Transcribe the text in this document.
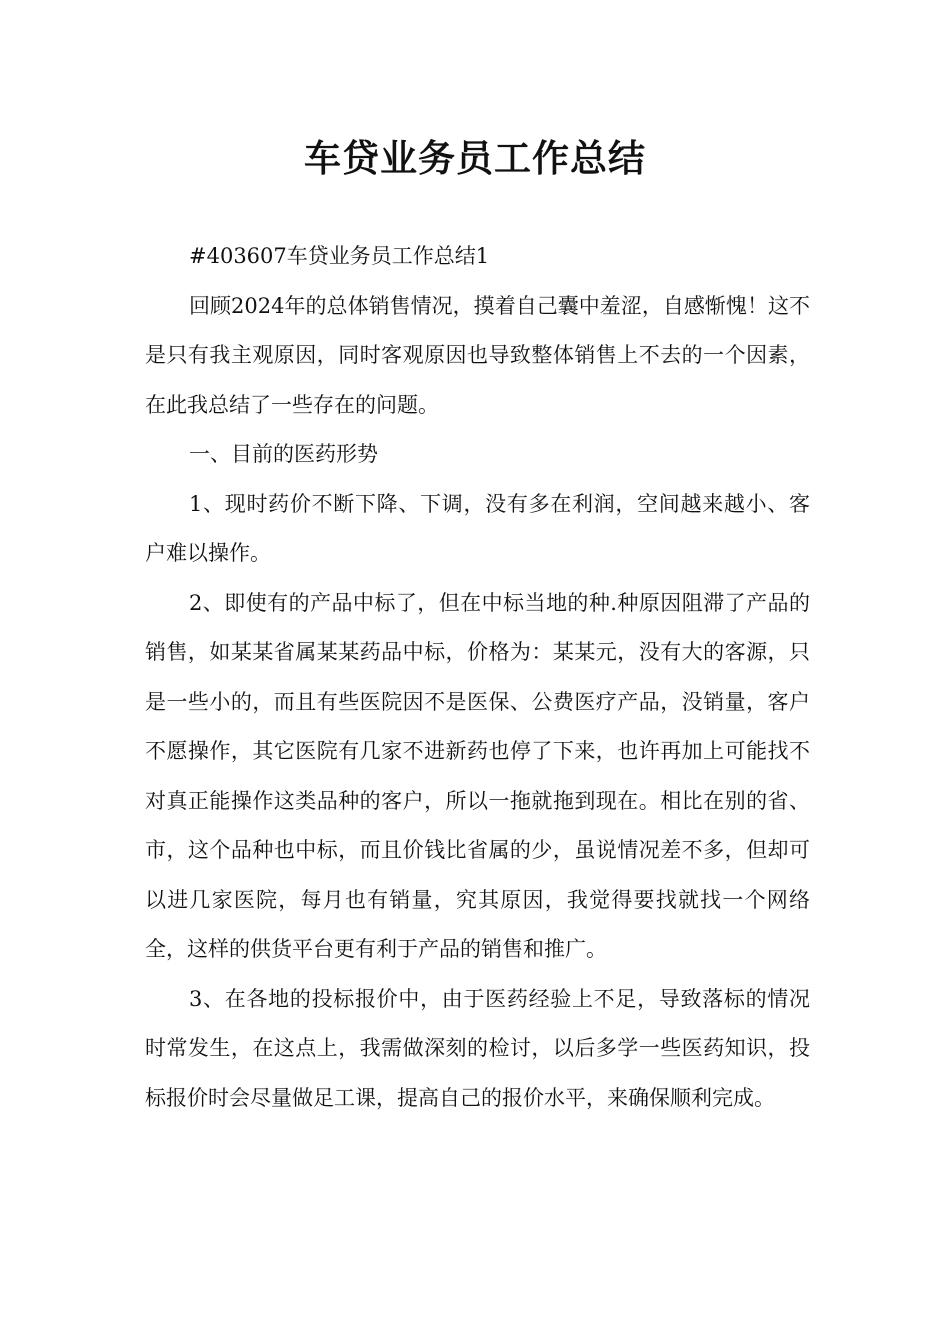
车贷业务员工作总结

#403607车贷业务员工作总结1

回顾2024年的总体销售情况，摸着自己囊中羞涩，自感惭愧！这不是只有我主观原因，同时客观原因也导致整体销售上不去的一个因素，在此我总结了一些存在的问题。

一、目前的医药形势

1、现时药价不断下降、下调，没有多在利润，空间越来越小、客户难以操作。

2、即使有的产品中标了，但在中标当地的种.种原因阻滞了产品的销售，如某某省属某某药品中标，价格为：某某元，没有大的客源，只是一些小的，而且有些医院因不是医保、公费医疗产品，没销量，客户不愿操作，其它医院有几家不进新药也停了下来，也许再加上可能找不对真正能操作这类品种的客户，所以一拖就拖到现在。相比在别的省、市，这个品种也中标，而且价钱比省属的少，虽说情况差不多，但却可以进几家医院，每月也有销量，究其原因，我觉得要找就找一个网络全，这样的供货平台更有利于产品的销售和推广。

3、在各地的投标报价中，由于医药经验上不足，导致落标的情况时常发生，在这点上，我需做深刻的检讨，以后多学一些医药知识，投标报价时会尽量做足工课，提高自己的报价水平，来确保顺利完成。
